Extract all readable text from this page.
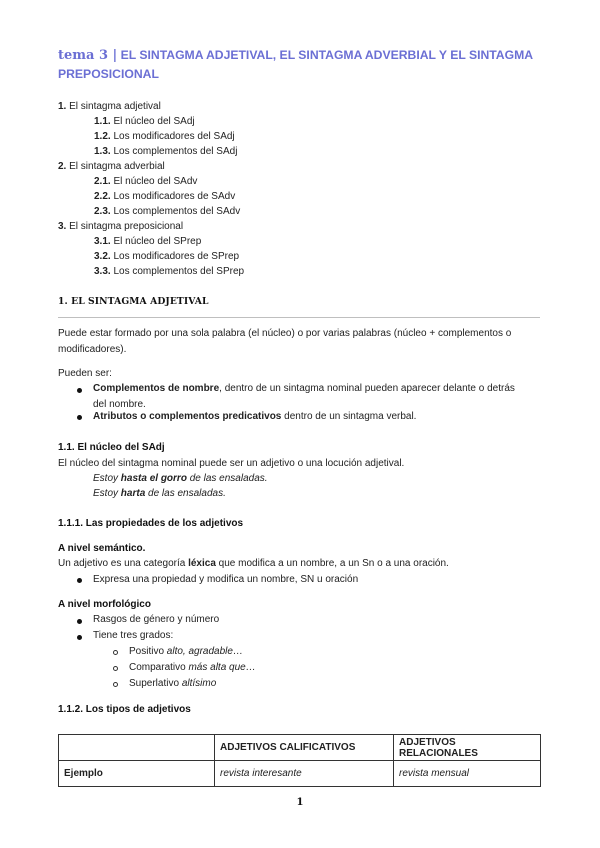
tema 3 | EL SINTAGMA ADJETIVAL, EL SINTAGMA ADVERBIAL Y EL SINTAGMA PREPOSICIONAL
1. El sintagma adjetival
1.1. El núcleo del SAdj
1.2. Los modificadores del SAdj
1.3. Los complementos del SAdj
2. El sintagma adverbial
2.1. El núcleo del SAdv
2.2. Los modificadores de SAdv
2.3. Los complementos del SAdv
3. El sintagma preposicional
3.1. El núcleo del SPrep
3.2. Los modificadores de SPrep
3.3. Los complementos del SPrep
1. EL SINTAGMA ADJETIVAL
Puede estar formado por una sola palabra (el núcleo) o por varias palabras (núcleo + complementos o
modificadores).
Pueden ser:
Complementos de nombre, dentro de un sintagma nominal pueden aparecer delante o detrás
del nombre.
Atributos o complementos predicativos dentro de un sintagma verbal.
1.1. El núcleo del SAdj
El núcleo del sintagma nominal puede ser un adjetivo o una locución adjetival.
Estoy hasta el gorro de las ensaladas.
Estoy harta de las ensaladas.
1.1.1. Las propiedades de los adjetivos
A nivel semántico.
Un adjetivo es una categoría léxica que modifica a un nombre, a un Sn o a una oración.
Expresa una propiedad y modifica un nombre, SN u oración
A nivel morfológico
Rasgos de género y número
Tiene tres grados:
Positivo alto, agradable…
Comparativo más alta que…
Superlativo altísimo
1.1.2. Los tipos de adjetivos
	ADJETIVOS CALIFICATIVOS	ADJETIVOS RELACIONALES
Ejemplo	revista interesante	revista mensual
1
